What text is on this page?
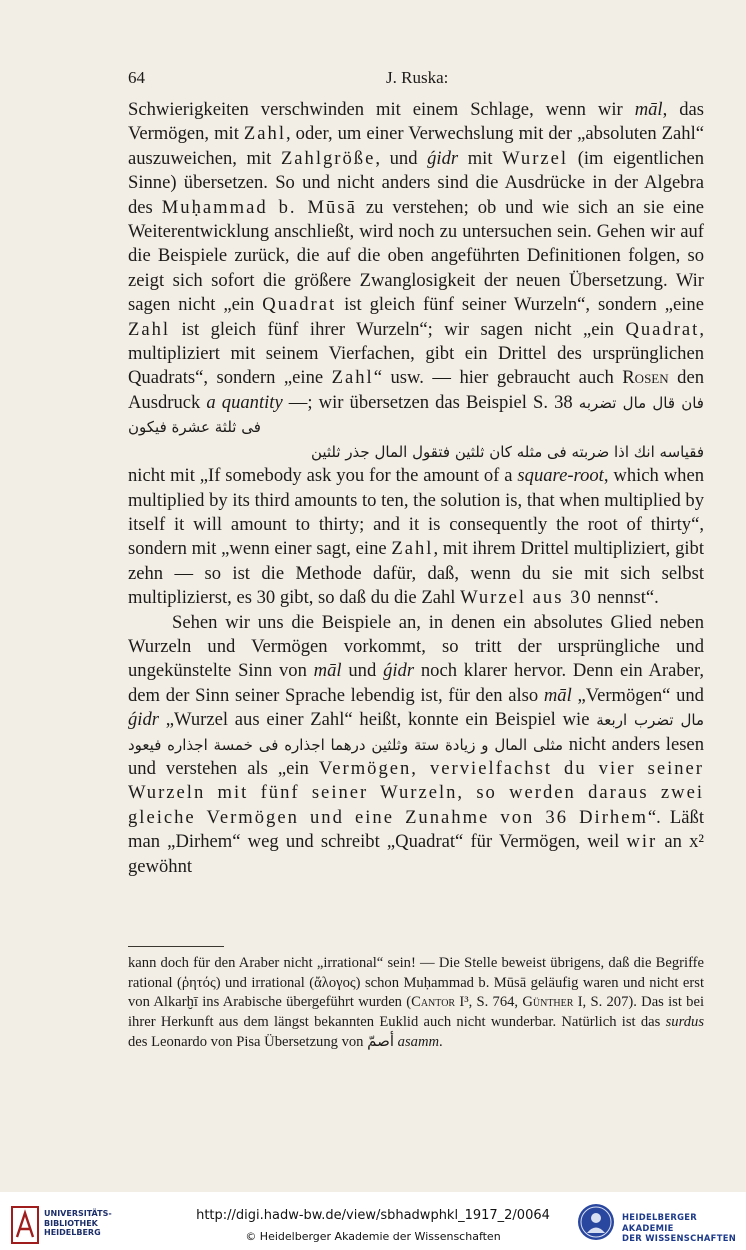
64	J. Ruska:

Schwierigkeiten verschwinden mit einem Schlage, wenn wir māl, das Vermögen, mit Zahl, oder, um einer Verwechslung mit der „absoluten Zahl“ auszuweichen, mit Zahlgröße, und ǵidr mit Wurzel (im eigentlichen Sinne) übersetzen. So und nicht anders sind die Ausdrücke in der Algebra des Muḥammad b. Mūsā zu verstehen; ob und wie sich an sie eine Weiterentwicklung anschließt, wird noch zu untersuchen sein. Gehen wir auf die Beispiele zurück, die auf die oben angeführten Definitionen folgen, so zeigt sich sofort die größere Zwanglosigkeit der neuen Übersetzung. Wir sagen nicht „ein Quadrat ist gleich fünf seiner Wurzeln“, sondern „eine Zahl ist gleich fünf ihrer Wurzeln“; wir sagen nicht „ein Quadrat, multipliziert mit seinem Vierfachen, gibt ein Drittel des ursprünglichen Quadrats“, sondern „eine Zahl“ usw. — hier gebraucht auch Rosen den Ausdruck a quantity —; wir übersetzen das Beispiel S. 38 فان قال مال تضربه فى ثلثة عشرة فيكون

فقياسه انك اذا ضربته فى مثله كان ثلثين فتقول المال جذر ثلثين

nicht mit „If somebody ask you for the amount of a square-root, which when multiplied by its third amounts to ten, the solution is, that when multiplied by itself it will amount to thirty; and it is consequently the root of thirty“, sondern mit „wenn einer sagt, eine Zahl, mit ihrem Drittel multipliziert, gibt zehn — so ist die Methode dafür, daß, wenn du sie mit sich selbst multiplizierst, es 30 gibt, so daß du die Zahl Wurzel aus 30 nennst“.

Sehen wir uns die Beispiele an, in denen ein absolutes Glied neben Wurzeln und Vermögen vorkommt, so tritt der ursprüngliche und ungekünstelte Sinn von māl und ǵidr noch klarer hervor. Denn ein Araber, dem der Sinn seiner Sprache lebendig ist, für den also māl „Vermögen“ und ǵidr „Wurzel aus einer Zahl“ heißt, konnte ein Beispiel wie مال تضرب اربعة اجذاره فى خمسة اجذاره فيعود مثلى المال و زيادة ستة وثلثين درهما nicht anders lesen und verstehen als „ein Vermögen, vervielfachst du vier seiner Wurzeln mit fünf seiner Wurzeln, so werden daraus zwei gleiche Vermögen und eine Zunahme von 36 Dirhem“. Läßt man „Dirhem“ weg und schreibt „Quadrat“ für Vermögen, weil wir an x² gewöhnt

kann doch für den Araber nicht „irrational“ sein! — Die Stelle beweist übrigens, daß die Begriffe rational (ῥητός) und irrational (ἄλογος) schon Muḥammad b. Mūsā geläufig waren und nicht erst von Alkarḫī ins Arabische übergeführt wurden (Cantor I³, S. 764, Günther I, S. 207). Das ist bei ihrer Herkunft aus dem längst bekannten Euklid auch nicht wunderbar. Natürlich ist das surdus des Leonardo von Pisa Übersetzung von أصمّ asamm.

UNIVERSITÄTS-
BIBLIOTHEK
HEIDELBERG
http://digi.hadw-bw.de/view/sbhadwphkl_1917_2/0064
© Heidelberger Akademie der Wissenschaften
HEIDELBERGER AKADEMIE
DER WISSENSCHAFTEN
